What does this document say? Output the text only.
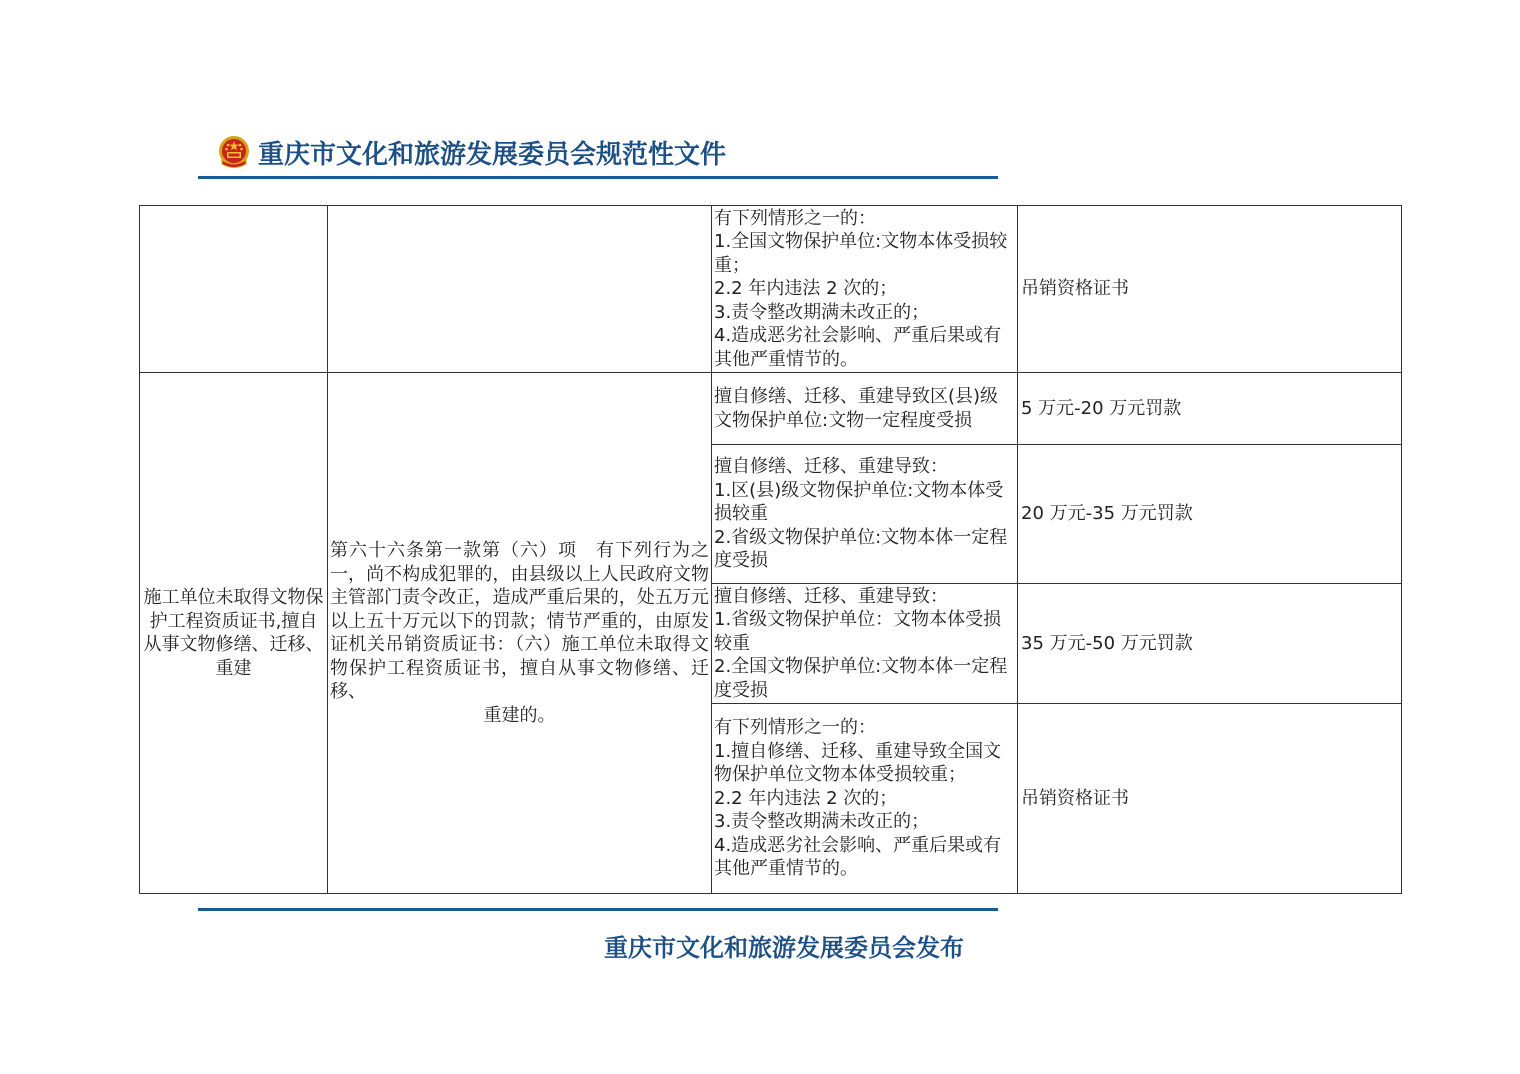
重庆市文化和旅游发展委员会规范性文件
		有下列情形之一的：
1.全国文物保护单位:文物本体受损较重；
2.2 年内违法 2 次的；
3.责令整改期满未改正的；
4.造成恶劣社会影响、严重后果或有其他严重情节的。	吊销资格证书
施工单位未取得文物保护工程资质证书,擅自从事文物修缮、迁移、重建	第六十六条第一款第（六）项　有下列行为之一，尚不构成犯罪的，由县级以上人民政府文物主管部门责令改正，造成严重后果的，处五万元以上五十万元以下的罚款；情节严重的，由原发证机关吊销资质证书：（六）施工单位未取得文物保护工程资质证书，擅自从事文物修缮、迁移、
重建的。	擅自修缮、迁移、重建导致区(县)级文物保护单位:文物一定程度受损	5 万元-20 万元罚款
		擅自修缮、迁移、重建导致：
1.区(县)级文物保护单位:文物本体受损较重
2.省级文物保护单位:文物本体一定程度受损	20 万元-35 万元罚款
		擅自修缮、迁移、重建导致：
1.省级文物保护单位：文物本体受损较重
2.全国文物保护单位:文物本体一定程度受损	35 万元-50 万元罚款
		有下列情形之一的：
1.擅自修缮、迁移、重建导致全国文物保护单位文物本体受损较重；
2.2 年内违法 2 次的；
3.责令整改期满未改正的；
4.造成恶劣社会影响、严重后果或有其他严重情节的。	吊销资格证书
重庆市文化和旅游发展委员会发布
